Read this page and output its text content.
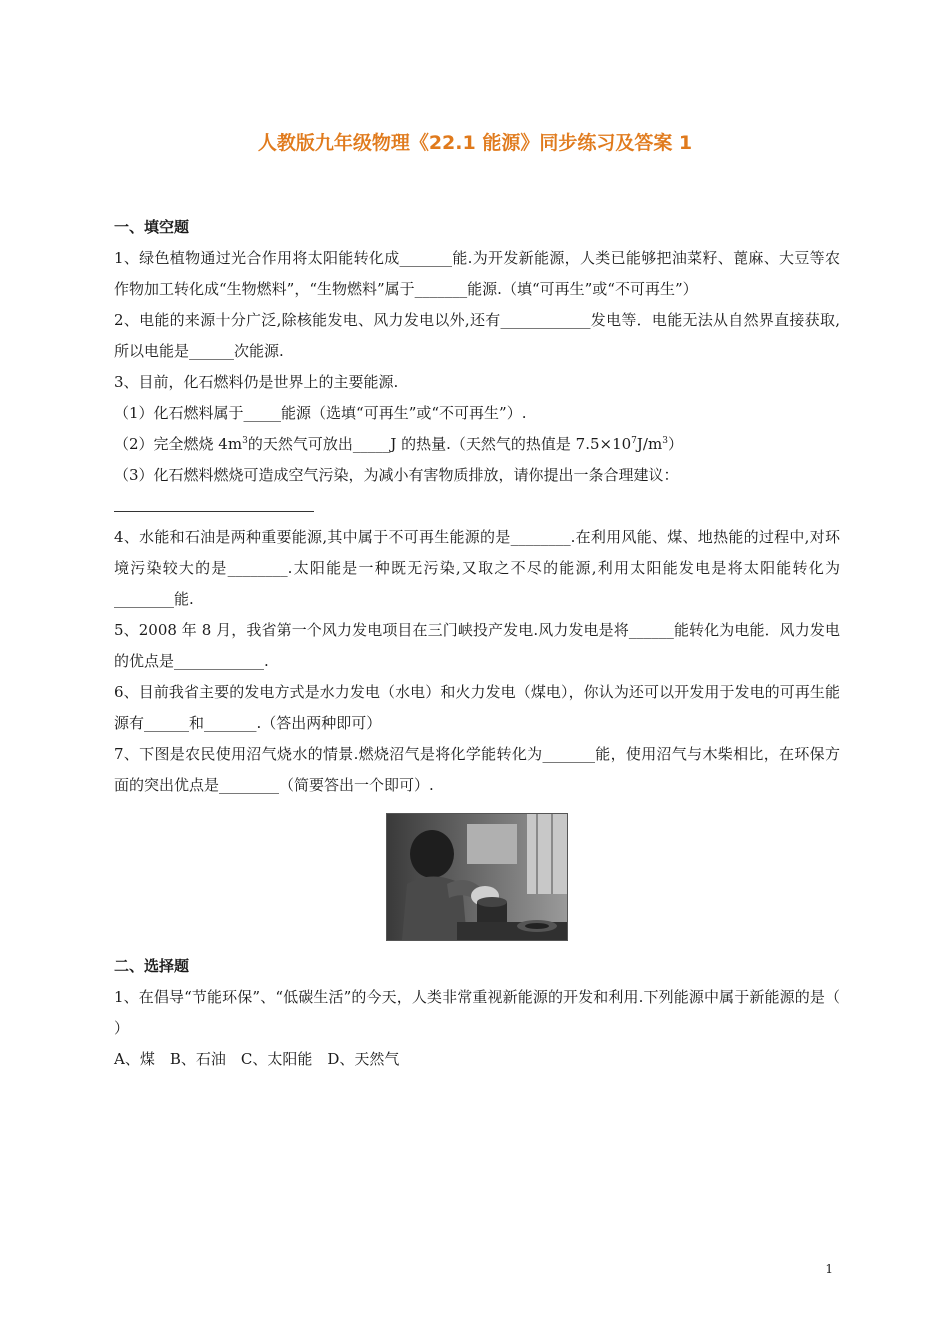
人教版九年级物理《22.1 能源》同步练习及答案 1

一、填空题

1、绿色植物通过光合作用将太阳能转化成_______能.为开发新能源，人类已能够把油菜籽、蓖麻、大豆等农作物加工转化成“生物燃料”，“生物燃料”属于_______能源.（填“可再生”或“不可再生”）

2、电能的来源十分广泛,除核能发电、风力发电以外,还有____________发电等．电能无法从自然界直接获取,所以电能是______次能源.

3、目前，化石燃料仍是世界上的主要能源.

（1）化石燃料属于_____能源（选填“可再生”或“不可再生”）.

（2）完全燃烧 $4m^3$的天然气可放出_____J 的热量.（天然气的热值是 $7.5\times 10^7J/m^3$）

（3）化石燃料燃烧可造成空气污染，为减小有害物质排放，请你提出一条合理建议：

4、水能和石油是两种重要能源,其中属于不可再生能源的是________.在利用风能、煤、地热能的过程中,对环境污染较大的是________.太阳能是一种既无污染,又取之不尽的能源,利用太阳能发电是将太阳能转化为________能.

5、2008 年 8 月，我省第一个风力发电项目在三门峡投产发电.风力发电是将______能转化为电能．风力发电的优点是____________.

6、目前我省主要的发电方式是水力发电（水电）和火力发电（煤电），你认为还可以开发用于发电的可再生能源有______和_______.（答出两种即可）

7、下图是农民使用沼气烧水的情景.燃烧沼气是将化学能转化为_______能，使用沼气与木柴相比，在环保方面的突出优点是________（简要答出一个即可）.

二、选择题

1、在倡导“节能环保”、“低碳生活”的今天，人类非常重视新能源的开发和利用.下列能源中属于新能源的是（ ）

A、煤　B、石油　C、太阳能　D、天然气

1
